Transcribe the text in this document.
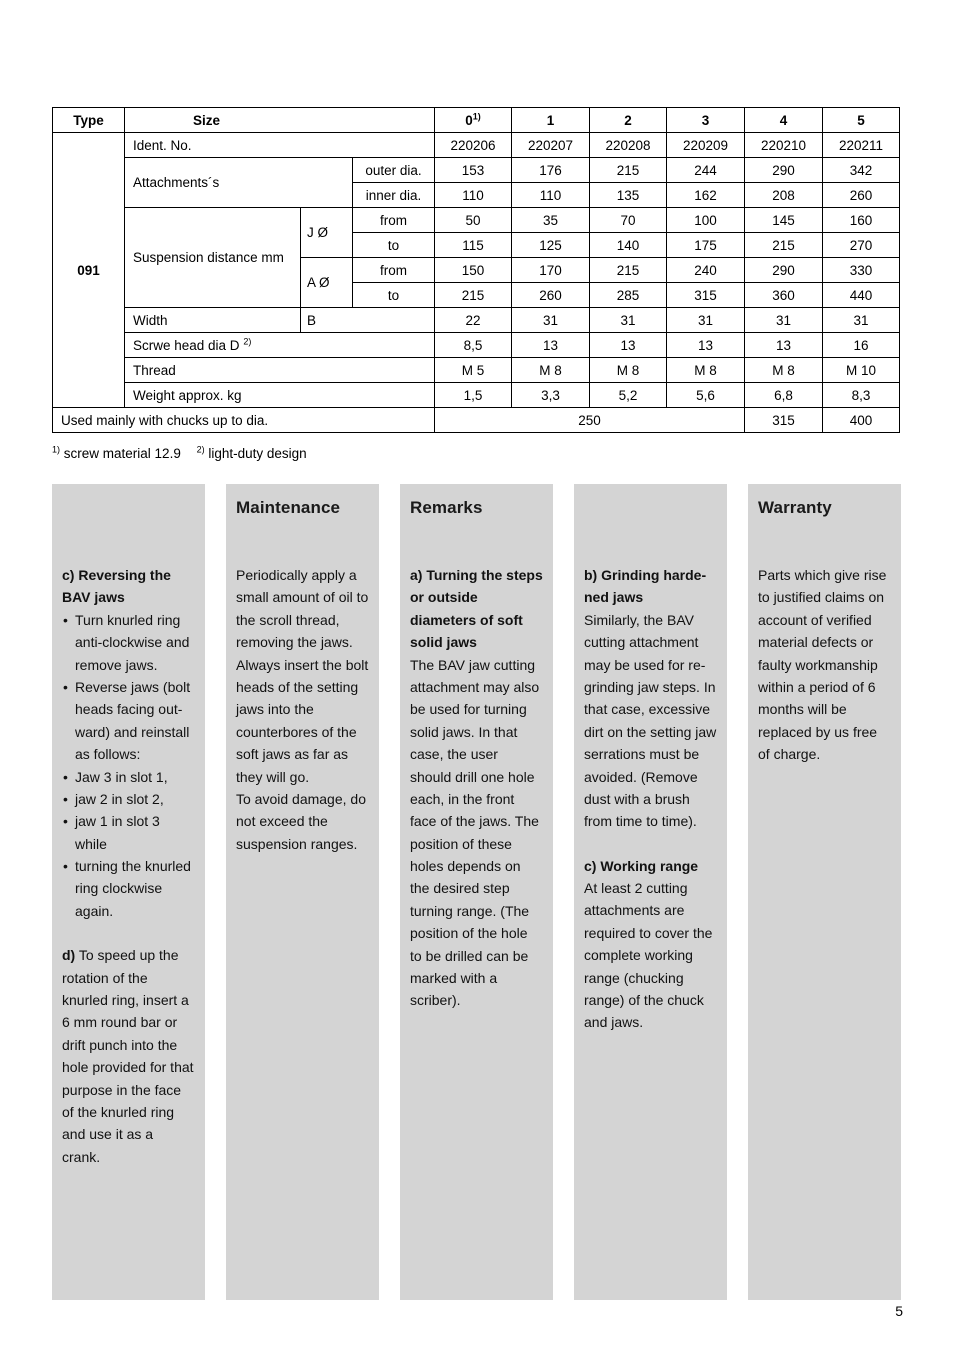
Type	Size			0$^{1)}$	1	2	3	4	5
091	Ident. No.			220206	220207	220208	220209	220210	220211
	Attachments´s		outer dia.	153	176	215	244	290	342
			inner dia.	110	110	135	162	208	260
	Suspension distance mm	J Ø	from	50	35	70	100	145	160
			to	115	125	140	175	215	270
		A Ø	from	150	170	215	240	290	330
			to	215	260	285	315	360	440
	Width	B		22	31	31	31	31	31
	Scrwe head dia D $^{2)}$			8,5	13	13	13	13	16
	Thread			M 5	M 8	M 8	M 8	M 8	M 10
	Weight approx. kg			1,5	3,3	5,2	5,6	6,8	8,3
Used mainly with chucks up to dia.				250				315	400
$^{1)}$ screw material 12.9 $^{2)}$ light-duty design
c) Reversing the BAV jaws
• Turn knurled ring anti-clockwise and remove jaws.
• Reverse jaws (bolt heads facing out-ward) and reinstall as follows:
• Jaw 3 in slot 1,
• jaw 2 in slot 2,
• jaw 1 in slot 3 while
• turning the knurled ring clockwise again.
d) To speed up the rotation of the knurled ring, insert a 6 mm round bar or drift punch into the hole provided for that purpose in the face of the knurled ring and use it as a crank.
Maintenance
Periodically apply a small amount of oil to the scroll thread, removing the jaws. Always insert the bolt heads of the setting jaws into the counterbores of the soft jaws as far as they will go.
To avoid damage, do not exceed the suspension ranges.
Remarks
a) Turning the steps or outside diameters of soft solid jaws
The BAV jaw cutting attachment may also be used for turning solid jaws. In that case, the user should drill one hole each, in the front face of the jaws. The position of these holes depends on the desired step turning range. (The position of the hole to be drilled can be marked with a scriber).
b) Grinding harde-ned jaws
Similarly, the BAV cutting attachment may be used for re-grinding jaw steps. In that case, excessive dirt on the setting jaw serrations must be avoided. (Remove dust with a brush from time to time).
c) Working range
At least 2 cutting attachments are required to cover the complete working range (chucking range) of the chuck and jaws.
Warranty
Parts which give rise to justified claims on account of verified material defects or faulty workmanship within a period of 6 months will be replaced by us free of charge.
5
